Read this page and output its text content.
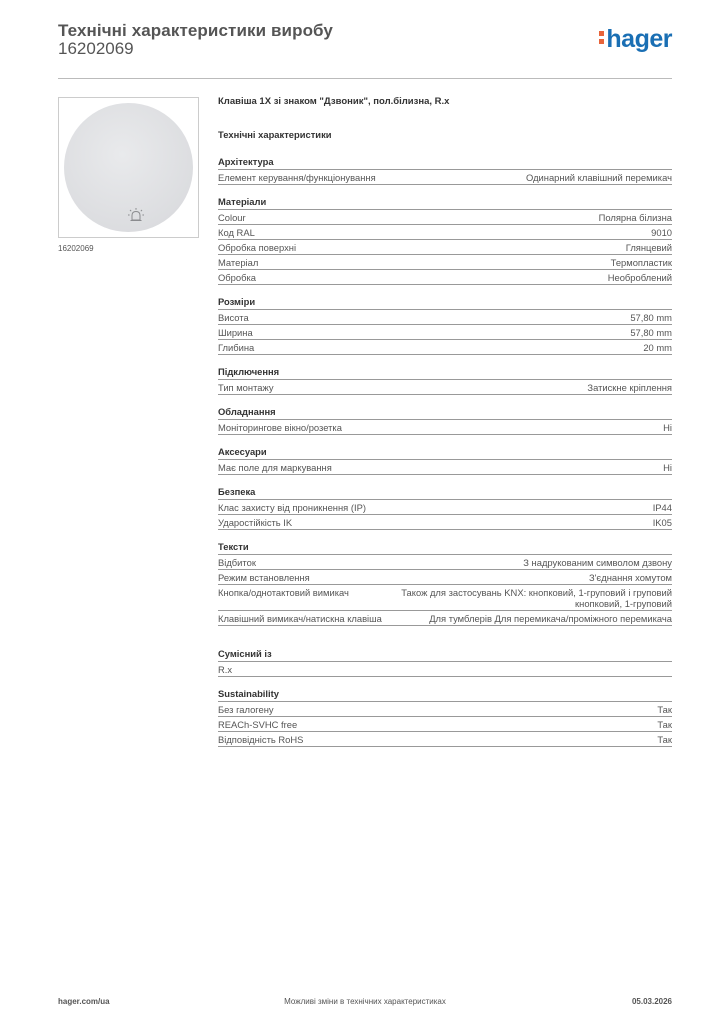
Технічні характеристики виробу
16202069	hager
16202069
Клавіша 1X зі знаком "Дзвоник", пол.білизна, R.x
Технічні характеристики
Архітектура
Елемент керування/функціонування	Одинарний клавішний перемикач
Матеріали
Colour	Полярна білизна
Код RAL	9010
Обробка поверхні	Глянцевий
Матеріал	Термопластик
Обробка	Необроблений
Розміри
Висота	57,80 mm
Ширина	57,80 mm
Глибина	20 mm
Підключення
Тип монтажу	Затискне кріплення
Обладнання
Моніторингове вікно/розетка	Ні
Аксесуари
Має поле для маркування	Ні
Безпека
Клас захисту від проникнення (IP)	IP44
Ударостійкість IK	IK05
Тексти
Відбиток	З надрукованим символом дзвону
Режим встановлення	З'єднання хомутом
Кнопка/однотактовий вимикач	Також для застосувань KNX: кнопковий, 1-груповий і груповий кнопковий, 1-груповий
Клавішний вимикач/натискна клавіша	Для тумблерів Для перемикача/проміжного перемикача
Сумісний із
R.x
Sustainability
Без галогену	Так
REACh-SVHC free	Так
Відповідність RoHS	Так
hager.com/ua	Можливі зміни в технічних характеристиках	05.03.2026
